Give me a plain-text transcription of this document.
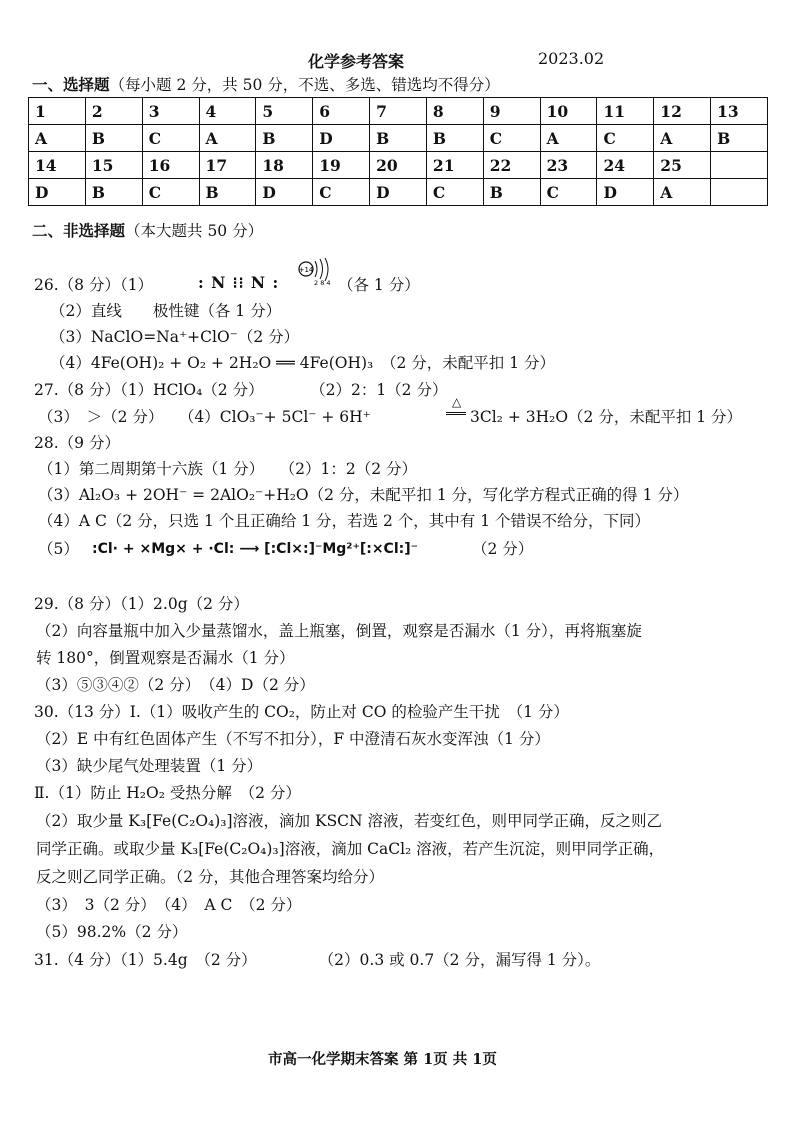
化学参考答案	2023.02
一、选择题（每小题 2 分，共 50 分，不选、多选、错选均不得分）
1	2	3	4	5	6	7	8	9	10	11	12	13
A	B	C	A	B	D	B	B	C	A	C	A	B
14	15	16	17	18	19	20	21	22	23	24	25	
D	B	C	B	D	C	D	C	B	C	D	A	
二、非选择题（本大题共 50 分）
26.（8 分）（1）	: N ⁝⁝ N :
+14
2 8 4 （各 1 分）
（2）直线　　极性键（各 1 分）
（3）NaClO=Na⁺+ClO⁻（2 分）
（4）4Fe(OH)₂ + O₂ + 2H₂O ══ 4Fe(OH)₃　（2 分，未配平扣 1 分）
27.（8 分）（1）HClO₄（2 分）　　　　（2）2：1（2 分）
（3）　＞（2 分）　　（4）ClO₃⁻+ 5Cl⁻ + 6H⁺
△
3Cl₂ + 3H₂O（2 分，未配平扣 1 分）
28.（9 分）
（1）第二周期第十六族（1 分）　　（2）1：2（2 分）
（3）Al₂O₃ + 2OH⁻ = 2AlO₂⁻+H₂O（2 分，未配平扣 1 分，写化学方程式正确的得 1 分）
（4）A C（2 分，只选 1 个且正确给 1 分，若选 2 个，其中有 1 个错误不给分，下同）
（5） :Cl· + ×Mg× + ·Cl: ⟶ [:Cl×:]⁻Mg²⁺[:×Cl:]⁻	（2 分）
29.（8 分）（1）2.0g（2 分）
（2）向容量瓶中加入少量蒸馏水，盖上瓶塞，倒置，观察是否漏水（1 分），再将瓶塞旋
转 180°，倒置观察是否漏水（1 分）
（3）⑤③④②（2 分）　（4）D（2 分）
30.（13 分）Ⅰ.（1）吸收产生的 CO₂，防止对 CO 的检验产生干扰　（1 分）
（2）E 中有红色固体产生（不写不扣分），F 中澄清石灰水变浑浊（1 分）
（3）缺少尾气处理装置（1 分）
Ⅱ.（1）防止 H₂O₂ 受热分解　（2 分）
（2）取少量 K₃[Fe(C₂O₄)₃]溶液，滴加 KSCN 溶液，若变红色，则甲同学正确，反之则乙
同学正确。或取少量 K₃[Fe(C₂O₄)₃]溶液，滴加 CaCl₂ 溶液，若产生沉淀，则甲同学正确，
反之则乙同学正确。（2 分，其他合理答案均给分）
（3）　3（2 分）　（4）　A C　（2 分）
（5）98.2%（2 分）
31.（4 分）（1）5.4g　（2 分）　　　　　（2）0.3 或 0.7（2 分，漏写得 1 分）。
市高一化学期末答案 第 1页 共 1页
